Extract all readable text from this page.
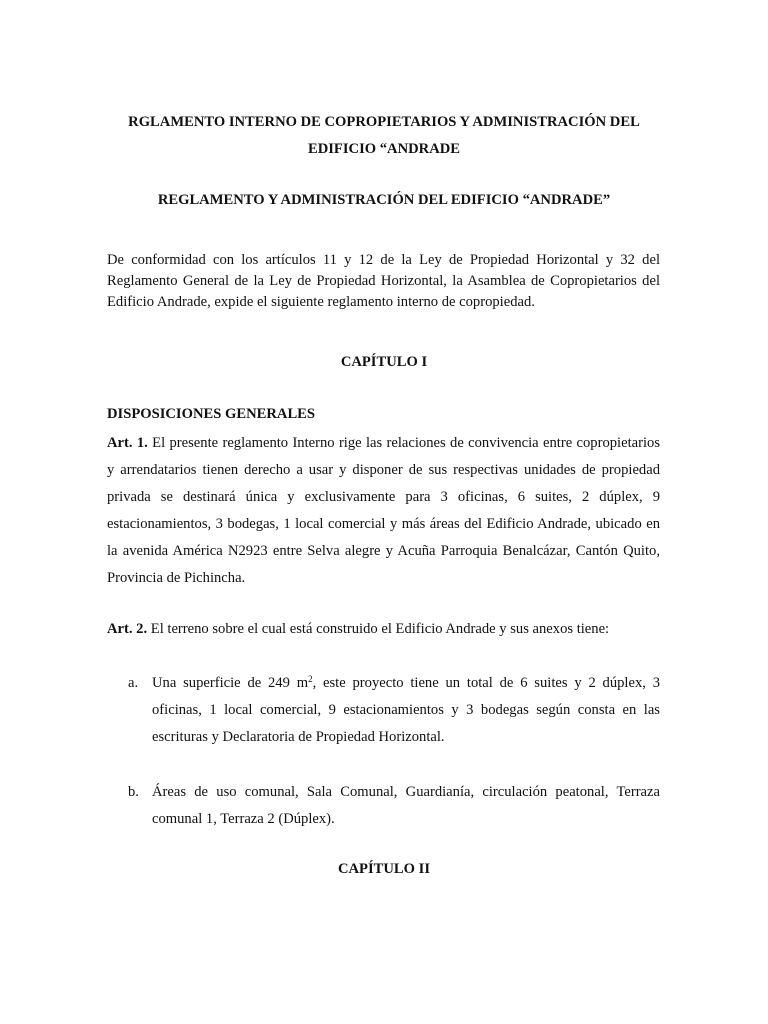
RGLAMENTO INTERNO DE COPROPIETARIOS Y ADMINISTRACIÓN DEL
EDIFICIO “ANDRADE
REGLAMENTO Y ADMINISTRACIÓN DEL EDIFICIO “ANDRADE”
De conformidad con los artículos 11 y 12 de la Ley de Propiedad Horizontal y 32 del Reglamento General de la Ley de Propiedad Horizontal, la Asamblea de Copropietarios del Edificio Andrade, expide el siguiente reglamento interno de copropiedad.
CAPÍTULO I
DISPOSICIONES GENERALES
Art. 1. El presente reglamento Interno rige las relaciones de convivencia entre copropietarios y arrendatarios tienen derecho a usar y disponer de sus respectivas unidades de propiedad privada se destinará única y exclusivamente para 3 oficinas, 6 suites, 2 dúplex, 9 estacionamientos, 3 bodegas, 1 local comercial y más áreas del Edificio Andrade, ubicado en la avenida América N2923 entre Selva alegre y Acuña Parroquia Benalcázar, Cantón Quito, Provincia de Pichincha.
Art. 2. El terreno sobre el cual está construido el Edificio Andrade y sus anexos tiene:
a. Una superficie de 249 $m^2$, este proyecto tiene un total de 6 suites y 2 dúplex, 3 oficinas, 1 local comercial, 9 estacionamientos y 3 bodegas según consta en las escrituras y Declaratoria de Propiedad Horizontal.
b. Áreas de uso comunal, Sala Comunal, Guardianía, circulación peatonal, Terraza comunal 1, Terraza 2 (Dúplex).
CAPÍTULO II
